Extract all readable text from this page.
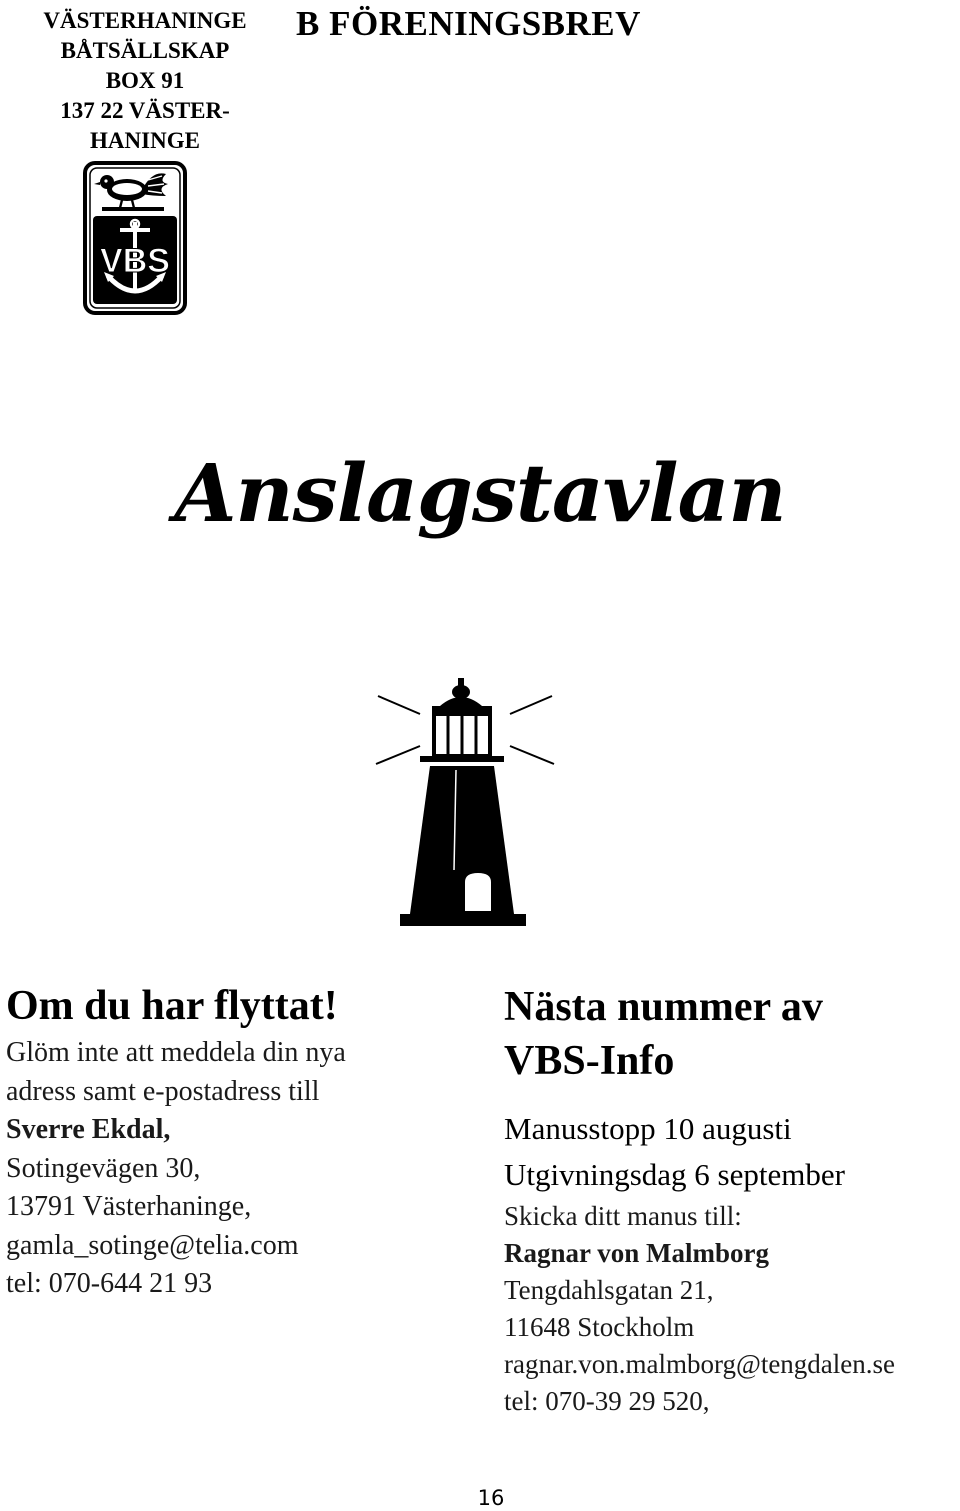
VÄSTERHANINGE
BÅTSÄLLSKAP
BOX 91
137 22 VÄSTER-
HANINGE
B FÖRENINGSBREV
VBS
Anslagstavlan
Om du har flyttat!
Glöm inte att meddela din nya
adress samt e-postadress till
Sverre Ekdal,
Sotingevägen 30,
13791 Västerhaninge,
gamla_sotinge@telia.com
tel: 070-644 21 93
Nästa nummer av
VBS-Info
Manusstopp 10 augusti
Utgivningsdag 6 september
Skicka ditt manus till:
Ragnar von Malmborg
Tengdahlsgatan 21,
11648 Stockholm
ragnar.von.malmborg@tengdalen.se
tel: 070-39 29 520,
16
